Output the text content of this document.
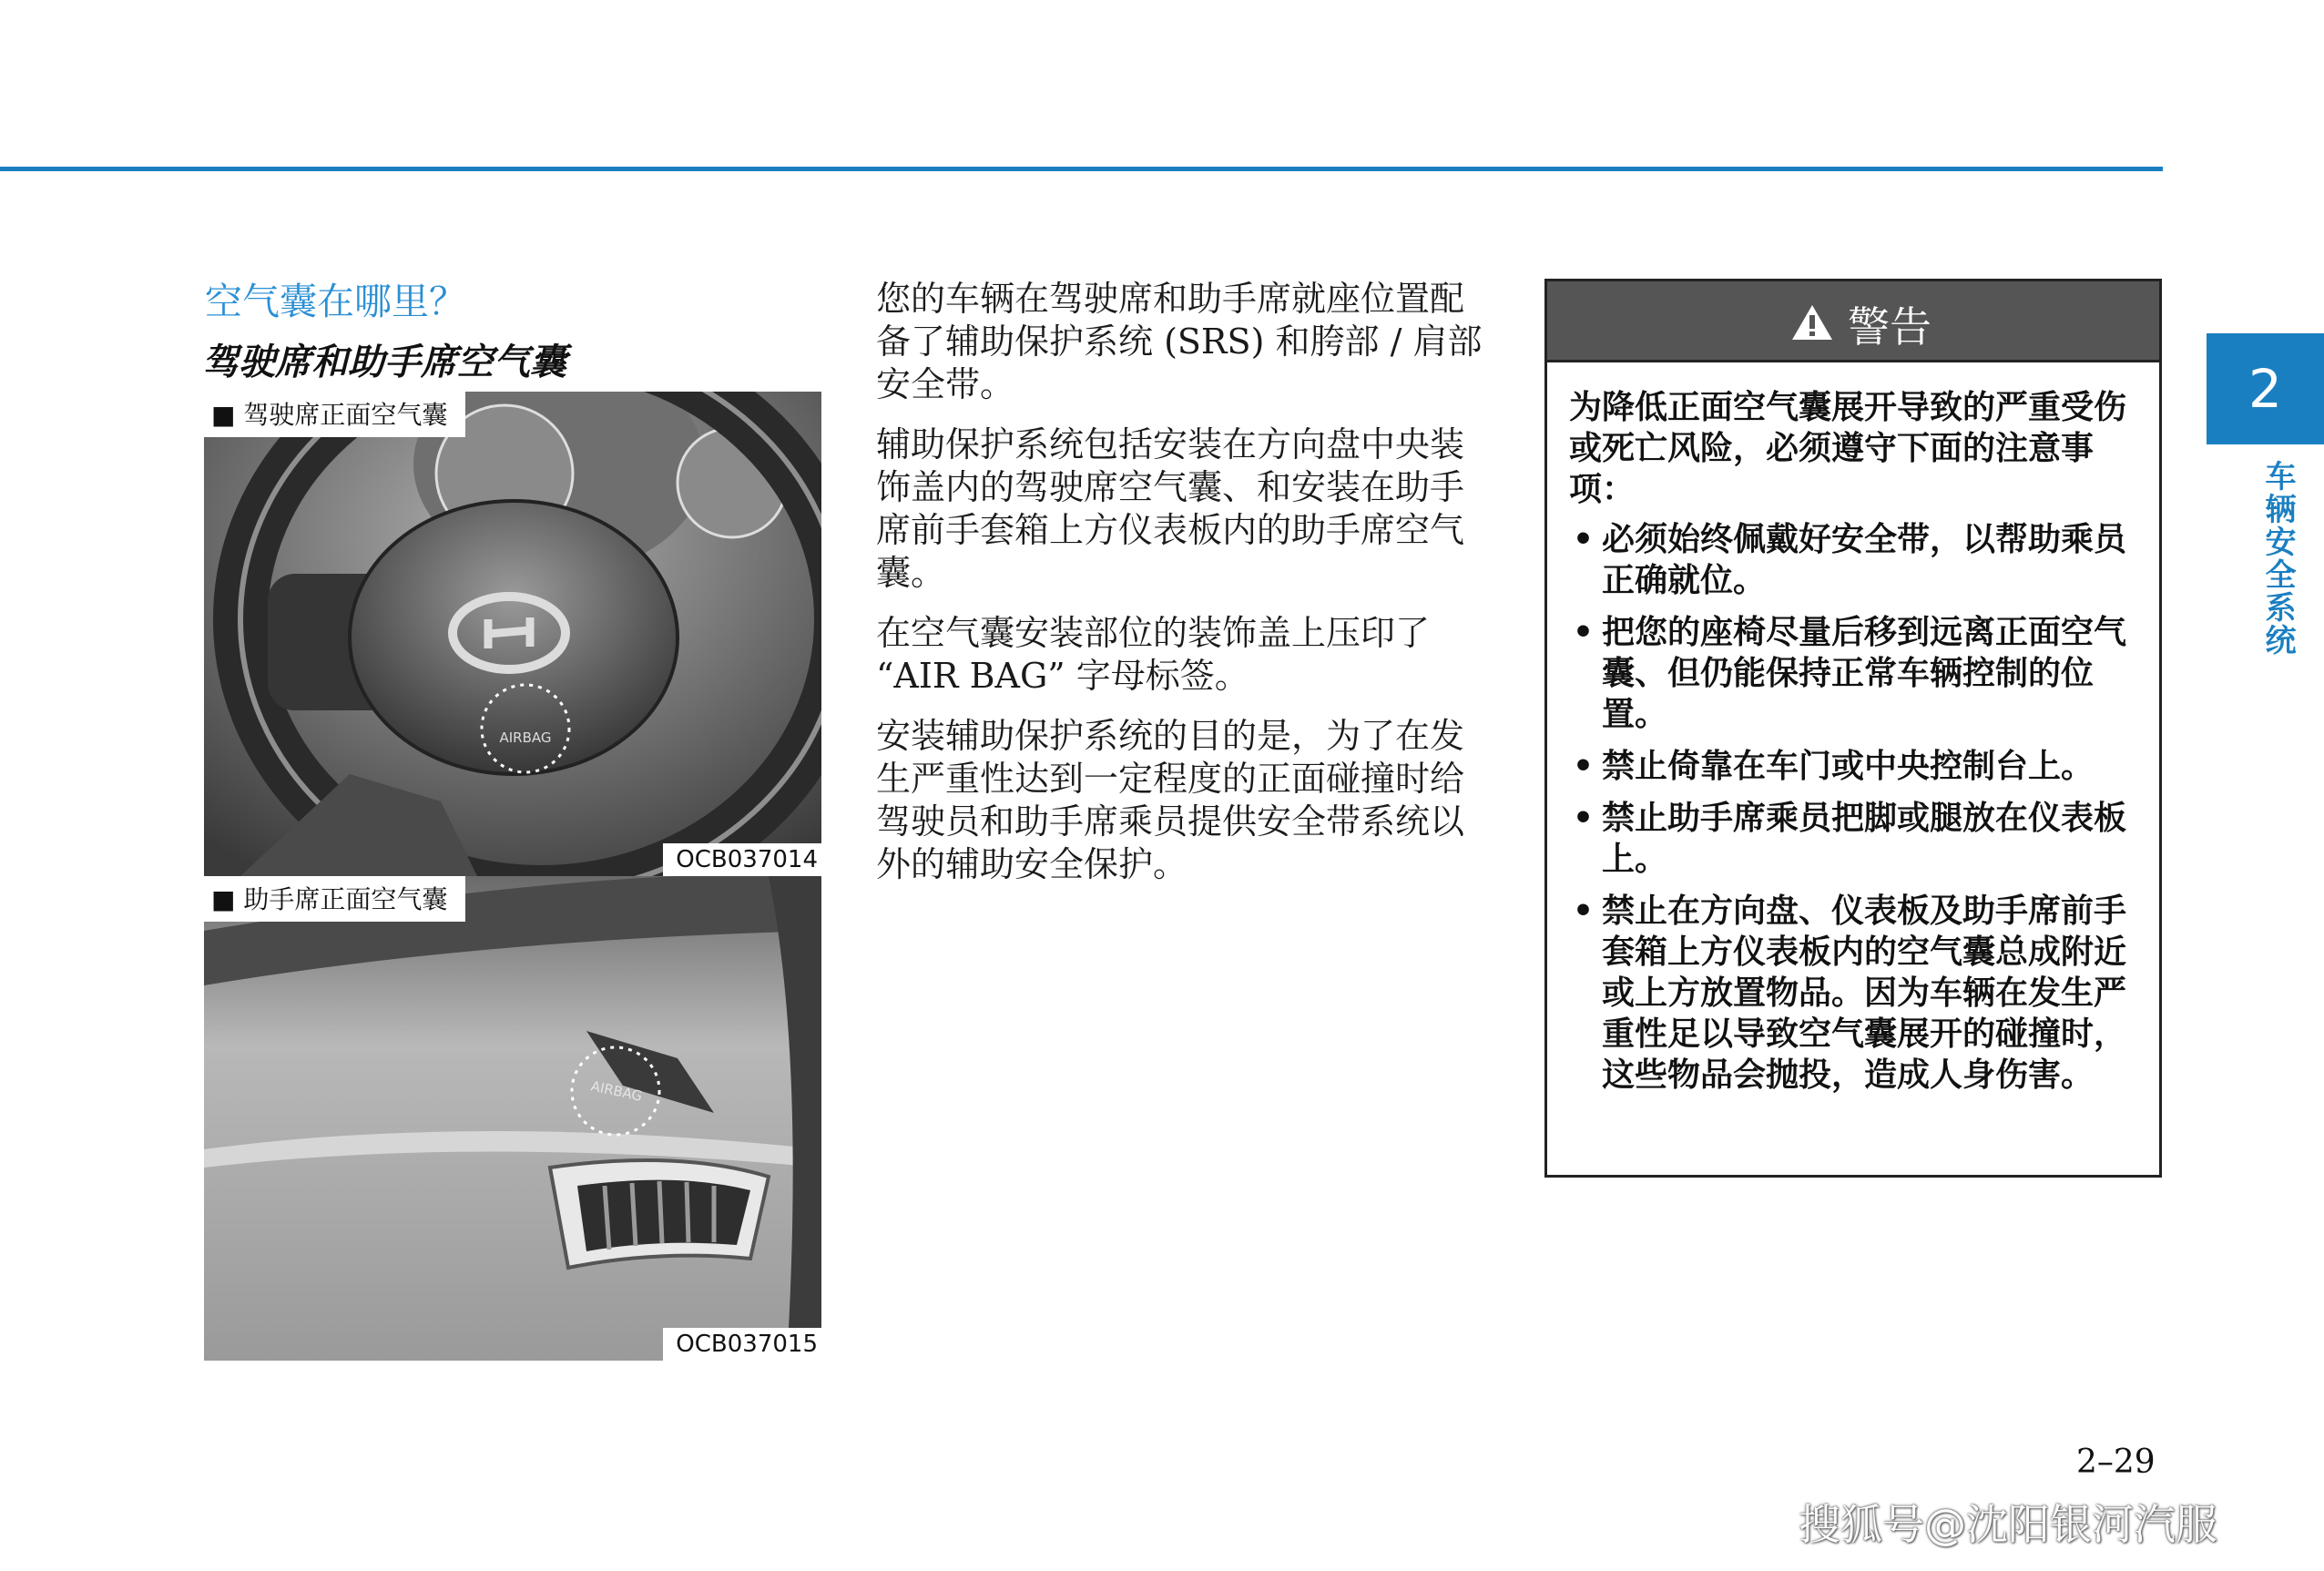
2
车辆安全系统
空气囊在哪里？
驾驶席和助手席空气囊
AIRBAG
■ 驾驶席正面空气囊
OCB037014
AIRBAG
■ 助手席正面空气囊
OCB037015

您的车辆在驾驶席和助手席就座位置配备了辅助保护系统 (SRS) 和胯部 / 肩部安全带。

辅助保护系统包括安装在方向盘中央装饰盖内的驾驶席空气囊、和安装在助手席前手套箱上方仪表板内的助手席空气囊。

在空气囊安装部位的装饰盖上压印了 “AIR BAG” 字母标签。

安装辅助保护系统的目的是，为了在发生严重性达到一定程度的正面碰撞时给驾驶员和助手席乘员提供安全带系统以外的辅助安全保护。

警告

为降低正面空气囊展开导致的严重受伤或死亡风险，必须遵守下面的注意事项：

• 必须始终佩戴好安全带，以帮助乘员正确就位。
• 把您的座椅尽量后移到远离正面空气囊、但仍能保持正常车辆控制的位置。
• 禁止倚靠在车门或中央控制台上。
• 禁止助手席乘员把脚或腿放在仪表板上。
• 禁止在方向盘、仪表板及助手席前手套箱上方仪表板内的空气囊总成附近或上方放置物品。因为车辆在发生严重性足以导致空气囊展开的碰撞时，这些物品会抛投，造成人身伤害。
2–29
搜狐号@沈阳银河汽服
